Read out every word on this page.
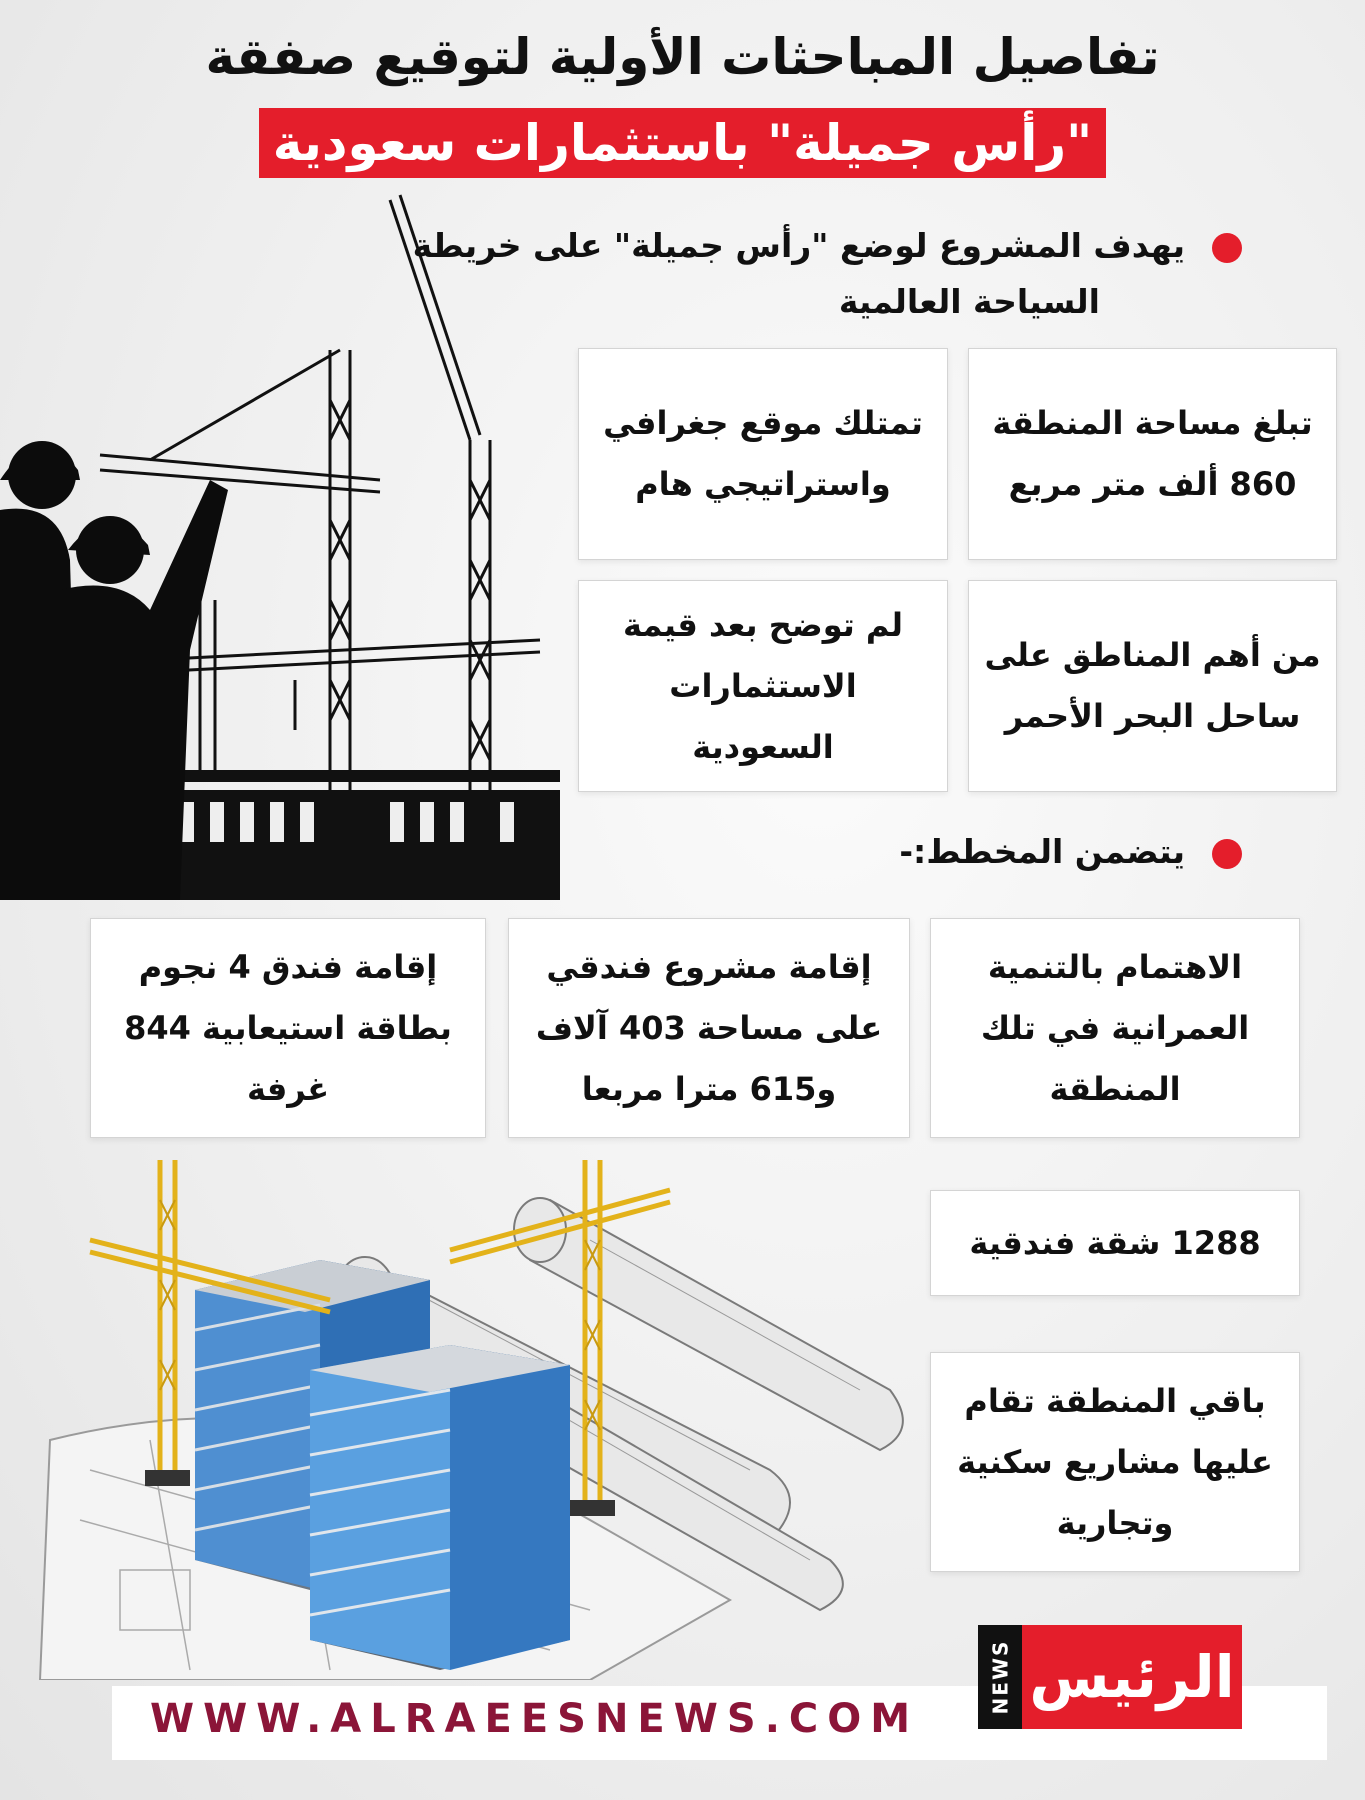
تفاصيل المباحثات الأولية لتوقيع صفقة
"رأس جميلة" باستثمارات سعودية
يهدف المشروع لوضع "رأس جميلة" على خريطة
السياحة العالمية
تبلغ مساحة المنطقة 860 ألف متر مربع
تمتلك موقع جغرافي واستراتيجي هام
من أهم المناطق على ساحل البحر الأحمر
لم توضح بعد قيمة الاستثمارات السعودية
يتضمن المخطط:-
الاهتمام بالتنمية العمرانية في تلك المنطقة
إقامة مشروع فندقي على مساحة 403 آلاف و615 مترا مربعا
إقامة فندق 4 نجوم بطاقة استيعابية 844 غرفة
1288 شقة فندقية
باقي المنطقة تقام عليها مشاريع سكنية وتجارية
WWW.ALRAEESNEWS.COM
NEWS الرئيس
